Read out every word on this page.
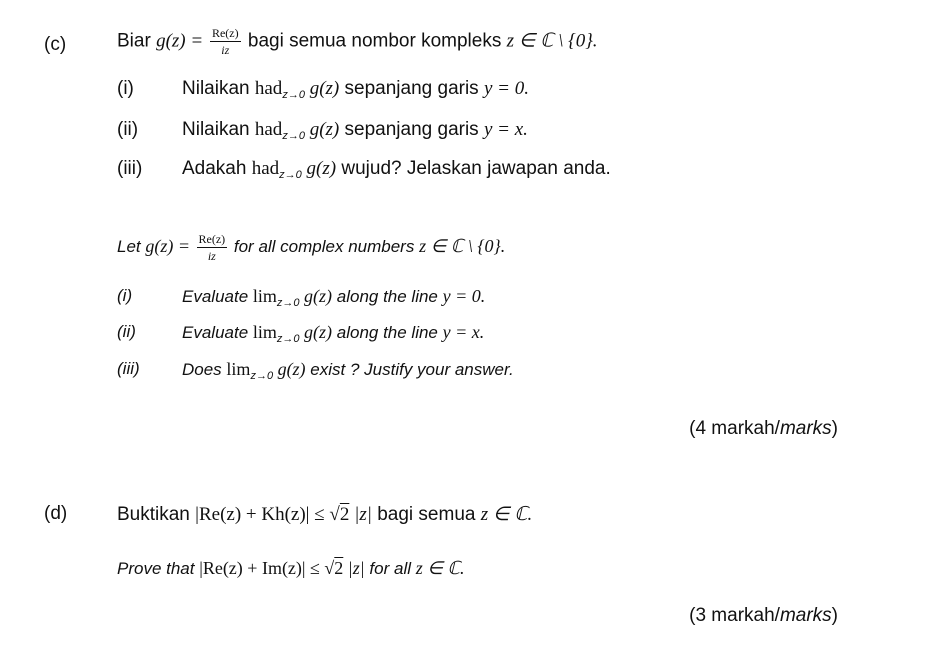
(c)	Biar $g(z) = \frac{Re(z)}{iz}$ bagi semua nombor kompleks z ∈ ℂ \ {0}.
(i)	Nilaikan had$_{z\to 0}$ g(z) sepanjang garis y = 0.
(ii) Nilaikan had$_{z\to 0}$ g(z) sepanjang garis y = x.
(iii) Adakah had$_{z\to 0}$ g(z) wujud? Jelaskan jawapan anda.
Let $g(z) = \frac{Re(z)}{iz}$ for all complex numbers z ∈ ℂ \ {0}.
(i)	Evaluate $\lim_{z\to 0} g(z)$ along the line y = 0.
(ii)	Evaluate $\lim_{z\to 0} g(z)$ along the line y = x.
(iii) Does $\lim_{z\to 0} g(z)$ exist ? Justify your answer.
(4 markah/marks)
(d)	Buktikan |Re(z) + Kh(z)| ≤ √2 |z| bagi semua z ∈ ℂ.
Prove that |Re(z) + Im(z)| ≤ √2 |z| for all z ∈ ℂ.
(3 markah/marks)
